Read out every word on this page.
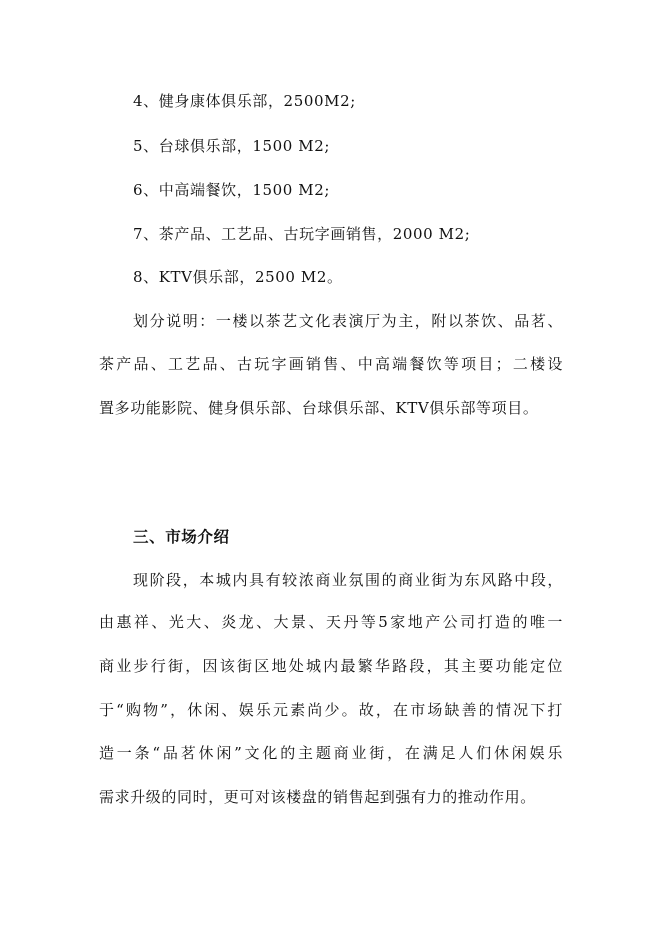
4、健身康体俱乐部，2500M2;
5、台球俱乐部，1500 M2;
6、中高端餐饮，1500 M2;
7、茶产品、工艺品、古玩字画销售，2000 M2;
8、KTV俱乐部，2500 M2。
划分说明：一楼以茶艺文化表演厅为主，附以茶饮、品茗、
茶产品、工艺品、古玩字画销售、中高端餐饮等项目；二楼设
置多功能影院、健身俱乐部、台球俱乐部、KTV俱乐部等项目。
三、市场介绍
现阶段，本城内具有较浓商业氛围的商业街为东风路中段，
由惠祥、光大、炎龙、大景、天丹等5家地产公司打造的唯一
商业步行街，因该街区地处城内最繁华路段，其主要功能定位
于“购物”，休闲、娱乐元素尚少。故，在市场缺善的情况下打
造一条“品茗休闲”文化的主题商业街，在满足人们休闲娱乐
需求升级的同时，更可对该楼盘的销售起到强有力的推动作用。
